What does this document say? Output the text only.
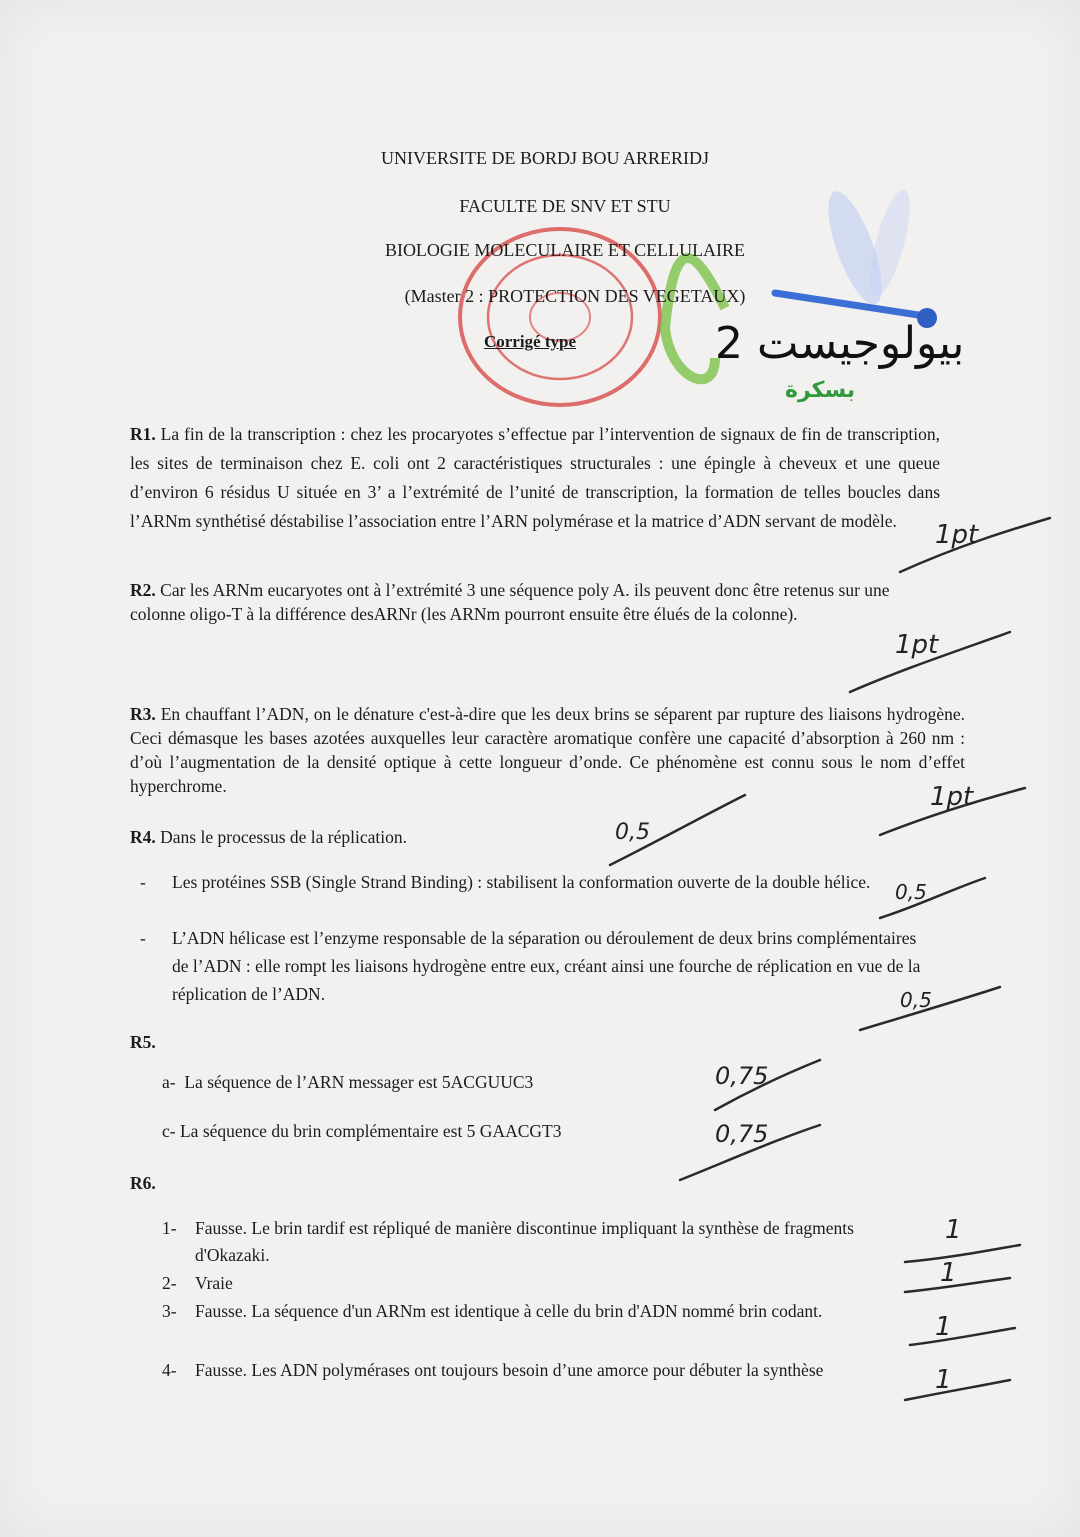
بيولوجيست 2
بسكرة
UNIVERSITE DE BORDJ BOU ARRERIDJ
FACULTE DE SNV ET STU
BIOLOGIE MOLECULAIRE ET CELLULAIRE
(Master 2 : PROTECTION DES VEGETAUX)
Corrigé type
R1. La fin de la transcription : chez les procaryotes s’effectue par l’intervention de signaux de fin de transcription, les sites de terminaison chez E. coli ont 2 caractéristiques structurales : une épingle à cheveux et une queue d’environ 6 résidus U située en 3’ a l’extrémité de l’unité de transcription, la formation de telles boucles dans l’ARNm synthétisé déstabilise l’association entre l’ARN polymérase et la matrice d’ADN servant de modèle.
R2. Car les ARNm eucaryotes ont à l’extrémité 3 une séquence poly A. ils peuvent donc être retenus sur une colonne oligo-T à la différence desARNr (les ARNm pourront ensuite être élués de la colonne).
R3. En chauffant l’ADN, on le dénature c'est-à-dire que les deux brins se séparent par rupture des liaisons hydrogène. Ceci démasque les bases azotées auxquelles leur caractère aromatique confère une capacité d’absorption à 260 nm : d’où l’augmentation de la densité optique à cette longueur d’onde. Ce phénomène est connu sous le nom d’effet hyperchrome.
R4. Dans le processus de la réplication.
- Les protéines SSB (Single Strand Binding) : stabilisent la conformation ouverte de la double hélice.
- L’ADN hélicase est l’enzyme responsable de la séparation ou déroulement de deux brins complémentaires de l’ADN : elle rompt les liaisons hydrogène entre eux, créant ainsi une fourche de réplication en vue de la réplication de l’ADN.
R5.
a- La séquence de l’ARN messager est 5ACGUUC3
c- La séquence du brin complémentaire est 5 GAACGT3
R6.
1- Fausse. Le brin tardif est répliqué de manière discontinue impliquant la synthèse de fragments d'Okazaki.
2- Vraie
3- Fausse. La séquence d'un ARNm est identique à celle du brin d'ADN nommé brin codant.
4- Fausse. Les ADN polymérases ont toujours besoin d’une amorce pour débuter la synthèse
1pt
1pt
1pt
0,5
0,5
0,5
0,75
0,75
1
1
1
1
